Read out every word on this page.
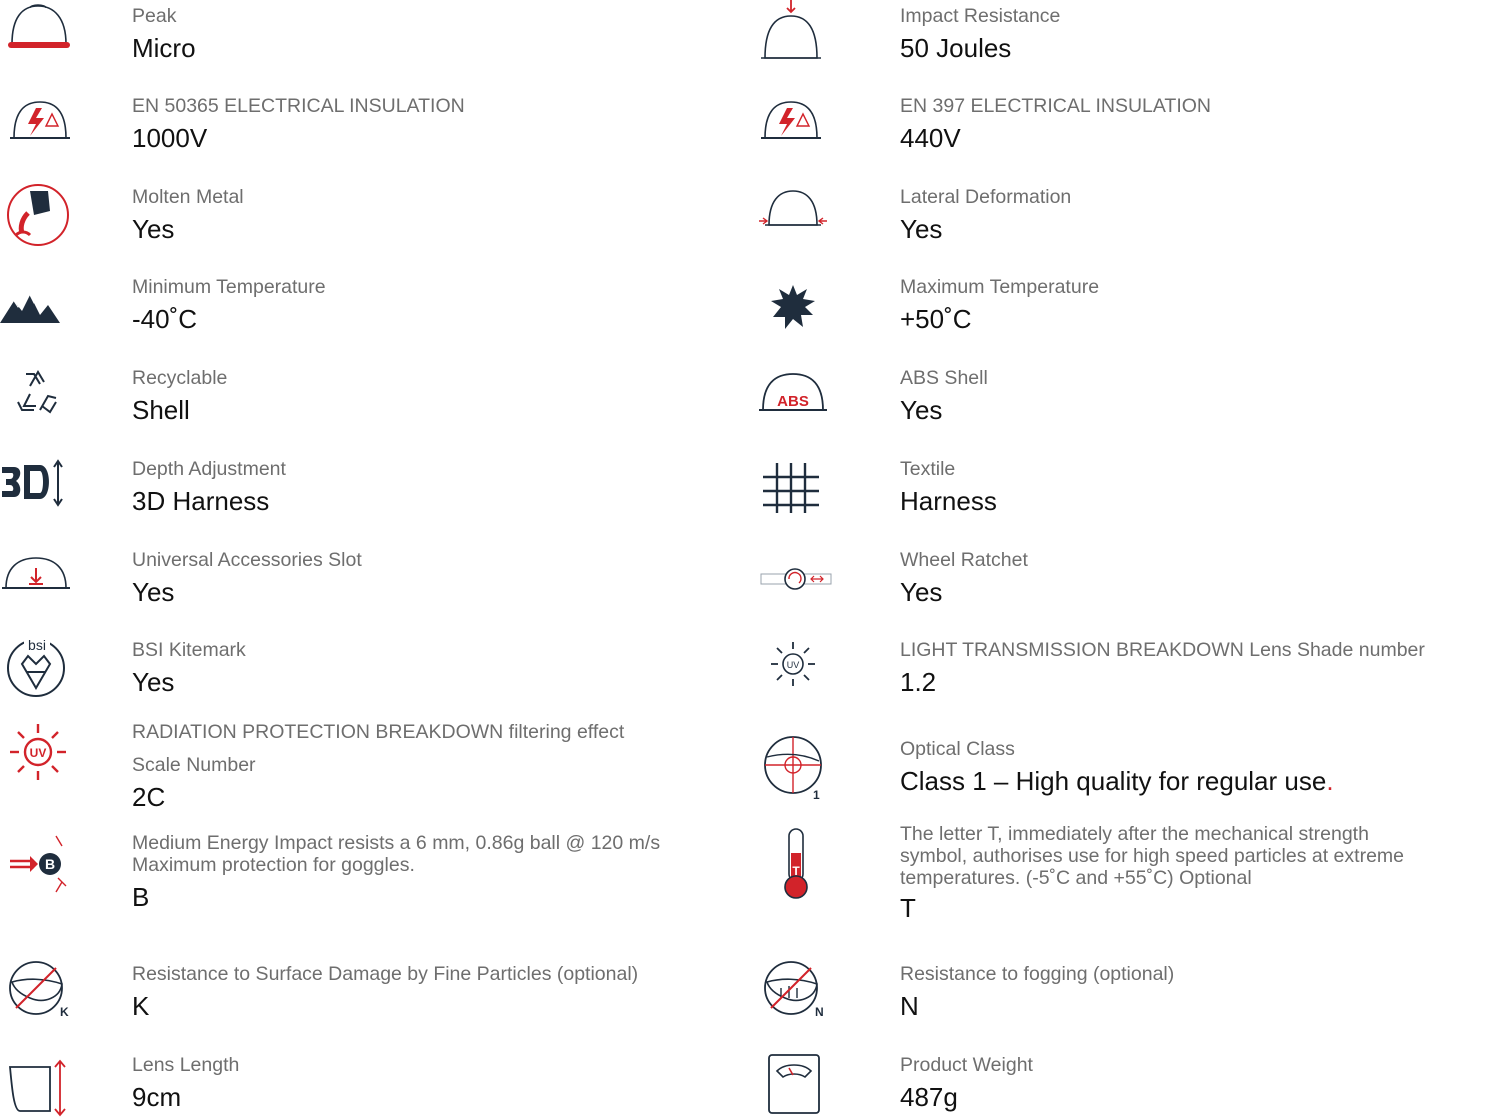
Peak

Micro

EN 50365 ELECTRICAL INSULATION

1000V

Molten Metal

Yes

Minimum Temperature

-40˚C

Recyclable

Shell

Depth Adjustment

3D Harness

Universal Accessories Slot

Yes

bsi	BSI Kitemark

Yes

UV

RADIATION PROTECTION BREAKDOWN filtering effect

Scale Number

2C

B

Medium Energy Impact resists a 6 mm, 0.86g ball @ 120 m/s

Maximum protection for goggles.

B

K

Resistance to Surface Damage by Fine Particles (optional)

K

Lens Length

9cm

Impact Resistance

50 Joules

EN 397 ELECTRICAL INSULATION

440V

Lateral Deformation

Yes

Maximum Temperature

+50˚C

ABS

ABS Shell

Yes

Textile

Harness

Wheel Ratchet

Yes

UV

LIGHT TRANSMISSION BREAKDOWN Lens Shade number

1.2

1

Optical Class

Class 1 – High quality for regular use.

T

The letter T, immediately after the mechanical strength

symbol, authorises use for high speed particles at extreme

temperatures. (-5˚C and +55˚C) Optional

T

N

Resistance to fogging (optional)

N

Product Weight

487g
